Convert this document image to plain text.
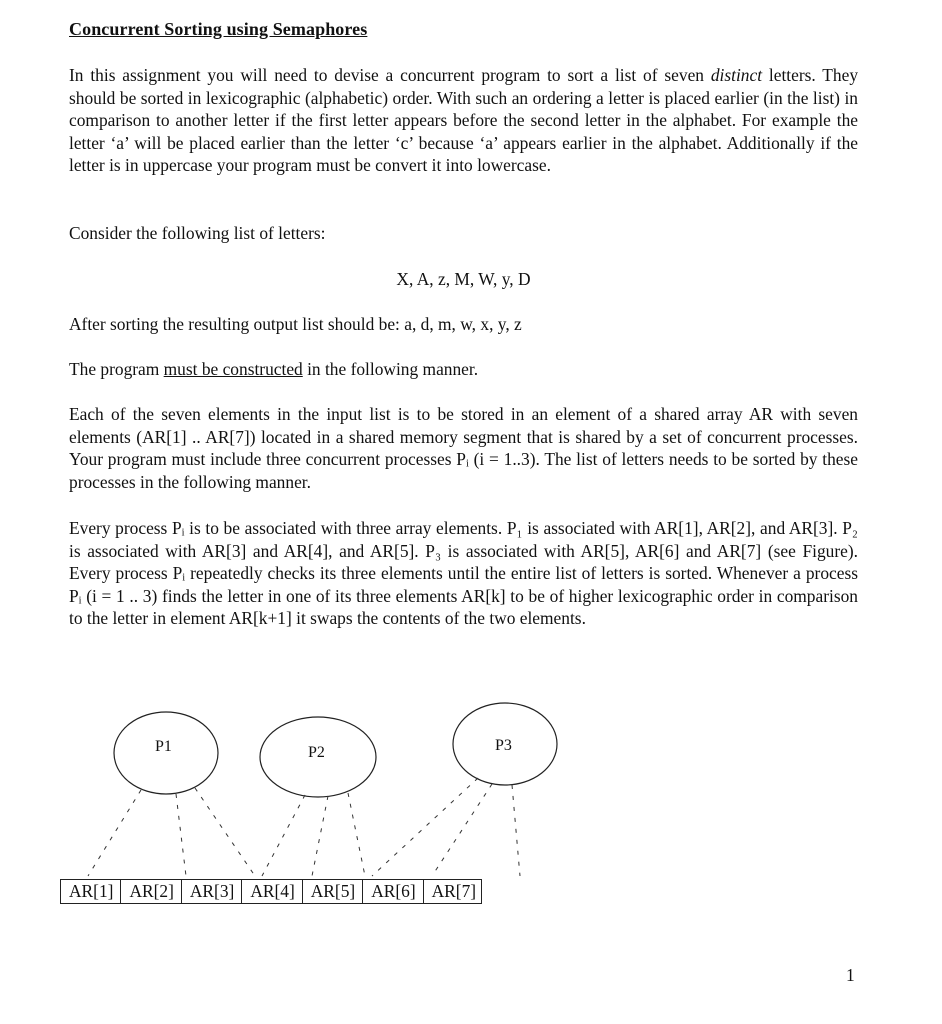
Concurrent Sorting using Semaphores
In this assignment you will need to devise a concurrent program to sort a list of seven distinct letters. They should be sorted in lexicographic (alphabetic) order. With such an ordering a letter is placed earlier (in the list) in comparison to another letter if the first letter appears before the second letter in the alphabet. For example the letter ‘a’ will be placed earlier than the letter ‘c’ because ‘a’ appears earlier in the alphabet. Additionally if the letter is in uppercase your program must be convert it into lowercase.
Consider the following list of letters:
X, A, z, M, W, y, D
After sorting the resulting output list should be: a, d, m, w, x, y, z
The program must be constructed in the following manner.
Each of the seven elements in the input list is to be stored in an element of a shared array AR with seven elements (AR[1] .. AR[7]) located in a shared memory segment that is shared by a set of concurrent processes. Your program must include three concurrent processes Pᵢ (i = 1..3). The list of letters needs to be sorted by these processes in the following manner.
Every process Pᵢ is to be associated with three array elements. P₁ is associated with AR[1], AR[2], and AR[3]. P₂ is associated with AR[3] and AR[4], and AR[5]. P₃ is associated with AR[5], AR[6] and AR[7] (see Figure). Every process Pᵢ repeatedly checks its three elements until the entire list of letters is sorted. Whenever a process Pᵢ (i = 1 .. 3) finds the letter in one of its three elements AR[k] to be of higher lexicographic order in comparison to the letter in element AR[k+1] it swaps the contents of the two elements.
P1	P2	P3
AR[1] AR[2] AR[3] AR[4] AR[5] AR[6] AR[7]
1
